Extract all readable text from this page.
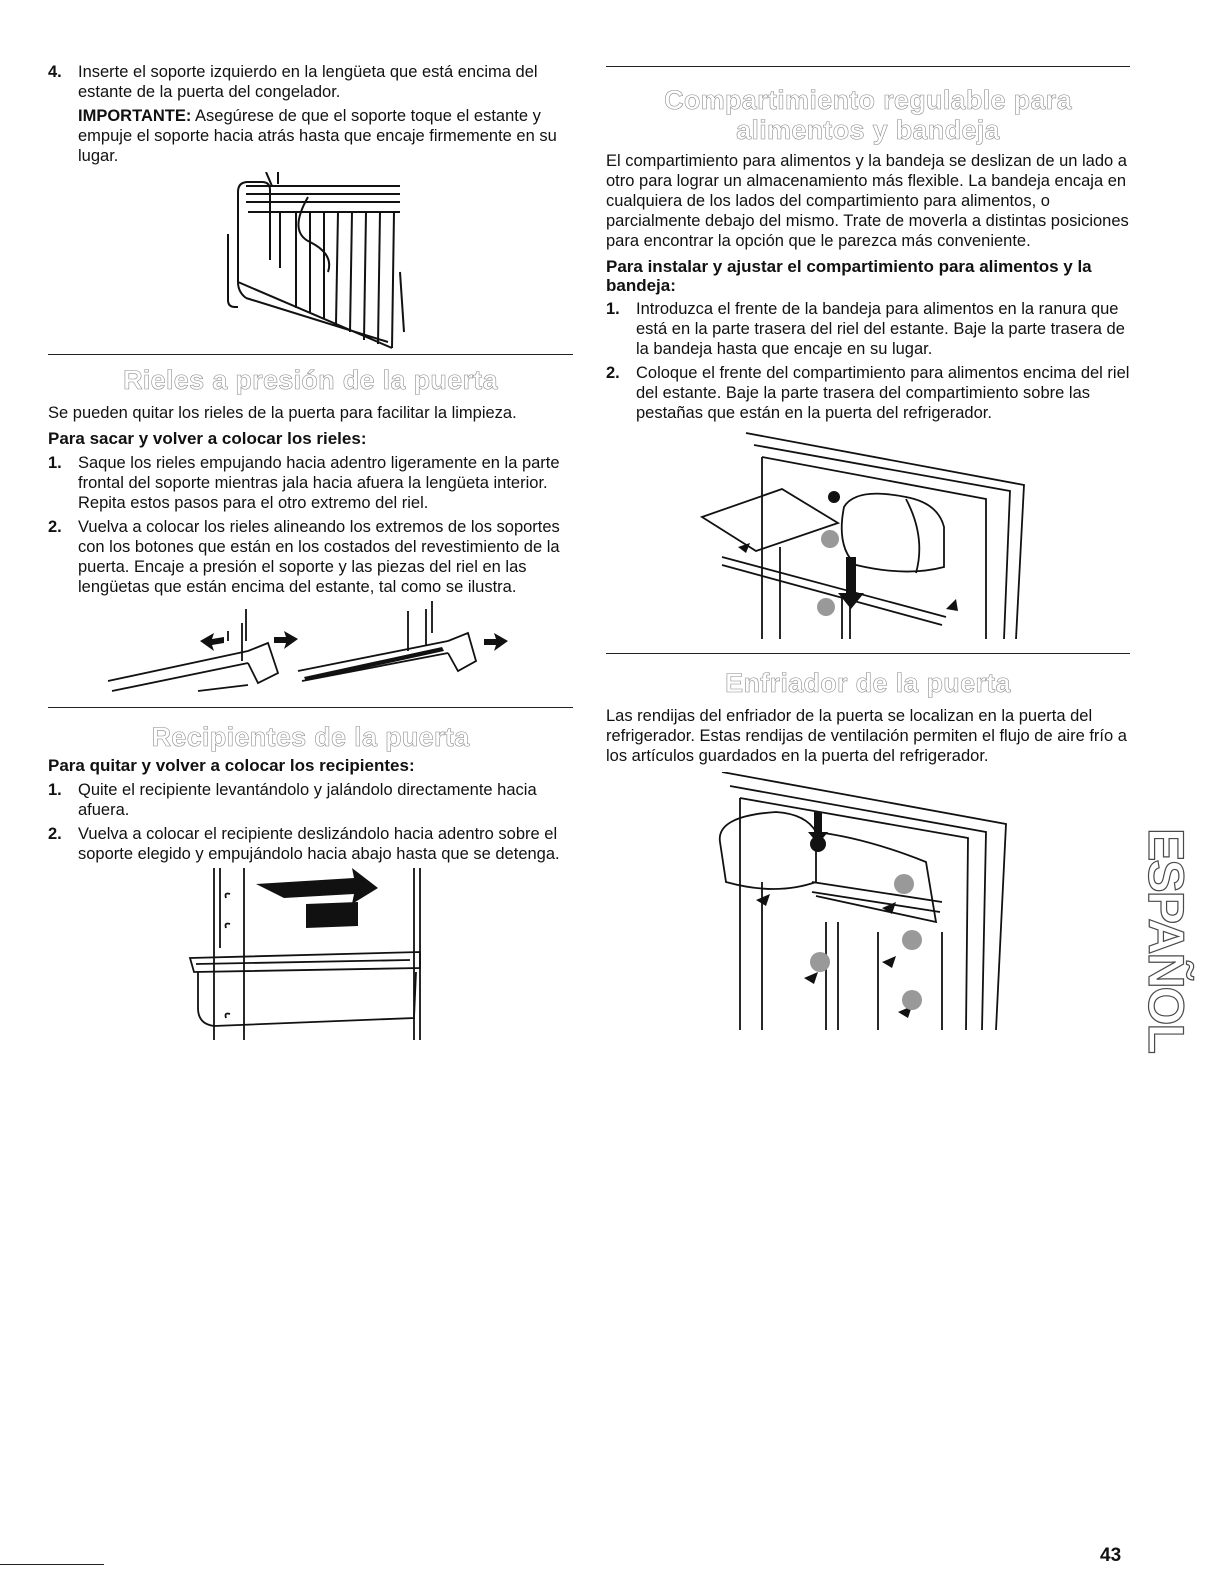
4. Inserte el soporte izquierdo en la lengüeta que está encima del estante de la puerta del congelador.

IMPORTANTE: Asegúrese de que el soporte toque el estante y empuje el soporte hacia atrás hasta que encaje firmemente en su lugar.

Rieles a presión de la puerta

Se pueden quitar los rieles de la puerta para facilitar la limpieza.

Para sacar y volver a colocar los rieles:
1. Saque los rieles empujando hacia adentro ligeramente en la parte frontal del soporte mientras jala hacia afuera la lengüeta interior. Repita estos pasos para el otro extremo del riel.
2. Vuelva a colocar los rieles alineando los extremos de los soportes con los botones que están en los costados del revestimiento de la puerta. Encaje a presión el soporte y las piezas del riel en las lengüetas que están encima del estante, tal como se ilustra.
Recipientes de la puerta
Para quitar y volver a colocar los recipientes:
1. Quite el recipiente levantándolo y jalándolo directamente hacia afuera.
2. Vuelva a colocar el recipiente deslizándolo hacia adentro sobre el soporte elegido y empujándolo hacia abajo hasta que se detenga.
Compartimiento regulable para
alimentos y bandeja

El compartimiento para alimentos y la bandeja se deslizan de un lado a otro para lograr un almacenamiento más flexible. La bandeja encaja en cualquiera de los lados del compartimiento para alimentos, o parcialmente debajo del mismo. Trate de moverla a distintas posiciones para encontrar la opción que le parezca más conveniente.

Para instalar y ajustar el compartimiento para alimentos y la bandeja:
1. Introduzca el frente de la bandeja para alimentos en la ranura que está en la parte trasera del riel del estante. Baje la parte trasera de la bandeja hasta que encaje en su lugar.
2. Coloque el frente del compartimiento para alimentos encima del riel del estante. Baje la parte trasera del compartimiento sobre las pestañas que están en la puerta del refrigerador.
Enfriador de la puerta

Las rendijas del enfriador de la puerta se localizan en la puerta del refrigerador. Estas rendijas de ventilación permiten el flujo de aire frío a los artículos guardados en la puerta del refrigerador.

ESPAÑOL
43
